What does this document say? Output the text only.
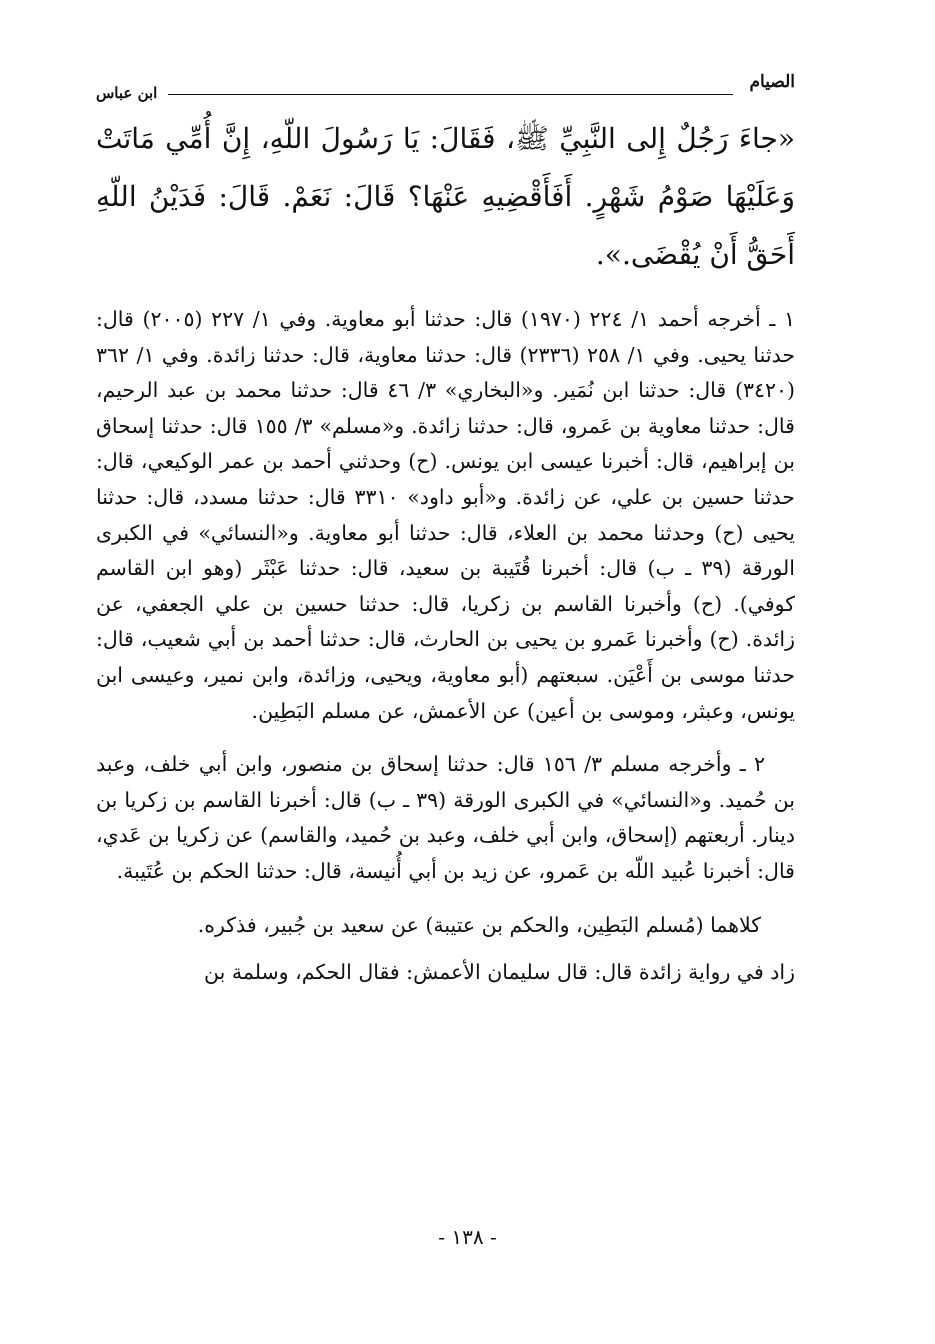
الصيام
ابن عباس

«جاءَ رَجُلٌ إِلى النَّبِيِّ ﷺ، فَقَالَ: يَا رَسُولَ اللّهِ، إِنَّ أُمِّي مَاتَتْ وَعَلَيْهَا صَوْمُ شَهْرٍ. أَفَأَقْضِيهِ عَنْهَا؟ قَالَ: نَعَمْ. قَالَ: فَدَيْنُ اللّهِ أَحَقُّ أَنْ يُقْضَى.».

١ ـ أخرجه أحمد ١/ ٢٢٤ (١٩٧٠) قال: حدثنا أبو معاوية. وفي ١/ ٢٢٧ (٢٠٠٥) قال: حدثنا يحيى. وفي ١/ ٢٥٨ (٢٣٣٦) قال: حدثنا معاوية، قال: حدثنا زائدة. وفي ١/ ٣٦٢ (٣٤٢٠) قال: حدثنا ابن نُمَير. و«البخاري» ٣/ ٤٦ قال: حدثنا محمد بن عبد الرحيم، قال: حدثنا معاوية بن عَمرو، قال: حدثنا زائدة. و«مسلم» ٣/ ١٥٥ قال: حدثنا إسحاق بن إبراهيم، قال: أخبرنا عيسى ابن يونس. (ح) وحدثني أحمد بن عمر الوكيعي، قال: حدثنا حسين بن علي، عن زائدة. و«أبو داود» ٣٣١٠ قال: حدثنا مسدد، قال: حدثنا يحيى (ح) وحدثنا محمد بن العلاء، قال: حدثنا أبو معاوية. و«النسائي» في الكبرى الورقة (٣٩ ـ ب) قال: أخبرنا قُتَيبة بن سعيد، قال: حدثنا عَبْثَر (وهو ابن القاسم كوفي). (ح) وأخبرنا القاسم بن زكريا، قال: حدثنا حسين بن علي الجعفي، عن زائدة. (ح) وأخبرنا عَمرو بن يحيى بن الحارث، قال: حدثنا أحمد بن أبي شعيب، قال: حدثنا موسى بن أَعْيَن. سبعتهم (أبو معاوية، ويحيى، وزائدة، وابن نمير، وعيسى ابن يونس، وعبثر، وموسى بن أعين) عن الأعمش، عن مسلم البَطِين.

٢ ـ وأخرجه مسلم ٣/ ١٥٦ قال: حدثنا إسحاق بن منصور، وابن أبي خلف، وعبد بن حُميد. و«النسائي» في الكبرى الورقة (٣٩ ـ ب) قال: أخبرنا القاسم بن زكريا بن دينار. أربعتهم (إسحاق، وابن أبي خلف، وعبد بن حُميد، والقاسم) عن زكريا بن عَدي، قال: أخبرنا عُبيد اللّه بن عَمرو، عن زيد بن أبي أُنيسة، قال: حدثنا الحكم بن عُتَيبة.

كلاهما (مُسلم البَطِين، والحكم بن عتيبة) عن سعيد بن جُبير، فذكره.

زاد في رواية زائدة قال: قال سليمان الأعمش: فقال الحكم، وسلمة بن

- ١٣٨ -
